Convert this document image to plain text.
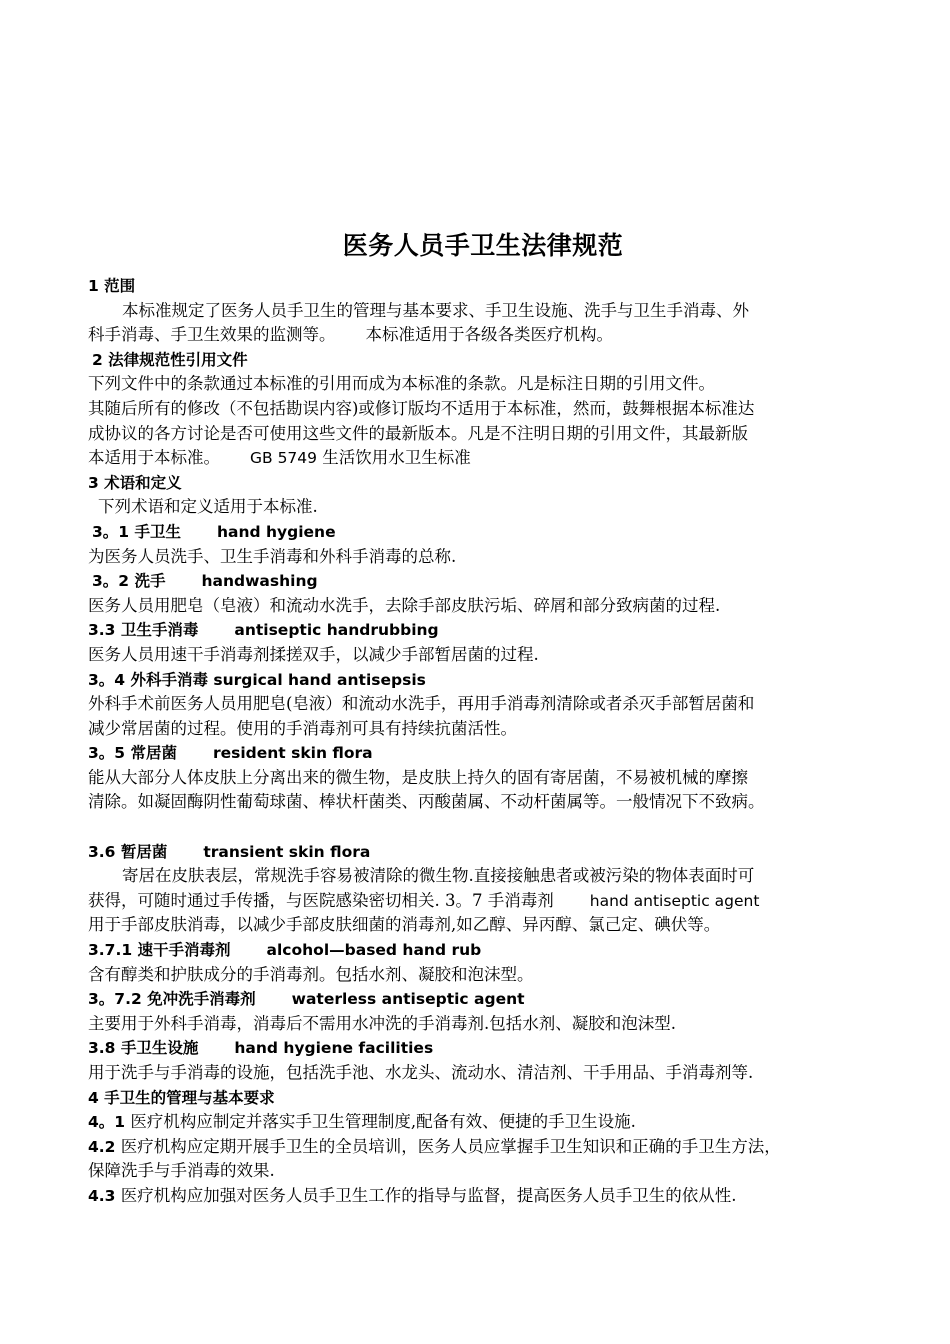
医务人员手卫生法律规范
1 范围
本标准规定了医务人员手卫生的管理与基本要求、手卫生设施、洗手与卫生手消毒、外
科手消毒、手卫生效果的监测等。 本标准适用于各级各类医疗机构。
2 法律规范性引用文件
下列文件中的条款通过本标准的引用而成为本标准的条款。凡是标注日期的引用文件。
其随后所有的修改（不包括勘误内容)或修订版均不适用于本标准，然而，鼓舞根据本标准达
成协议的各方讨论是否可使用这些文件的最新版本。凡是不注明日期的引用文件，其最新版
本适用于本标准。 GB 5749 生活饮用水卫生标准
3 术语和定义
下列术语和定义适用于本标准.
3。1 手卫生 hand hygiene
为医务人员洗手、卫生手消毒和外科手消毒的总称.
3。2 洗手 handwashing
医务人员用肥皂（皂液）和流动水洗手，去除手部皮肤污垢、碎屑和部分致病菌的过程.
3.3 卫生手消毒 antiseptic handrubbing
医务人员用速干手消毒剂揉搓双手，以减少手部暂居菌的过程.
3。4 外科手消毒 surgical hand antisepsis
外科手术前医务人员用肥皂(皂液）和流动水洗手，再用手消毒剂清除或者杀灭手部暂居菌和
减少常居菌的过程。使用的手消毒剂可具有持续抗菌活性。
3。5 常居菌 resident skin flora
能从大部分人体皮肤上分离出来的微生物，是皮肤上持久的固有寄居菌，不易被机械的摩擦
清除。如凝固酶阴性葡萄球菌、棒状杆菌类、丙酸菌属、不动杆菌属等。一般情况下不致病。
3.6 暂居菌 transient skin flora
寄居在皮肤表层，常规洗手容易被清除的微生物.直接接触患者或被污染的物体表面时可
获得，可随时通过手传播，与医院感染密切相关. 3。7 手消毒剂 hand antiseptic agent
用于手部皮肤消毒，以减少手部皮肤细菌的消毒剂,如乙醇、异丙醇、氯己定、碘伏等。
3.7.1 速干手消毒剂 alcohol—based hand rub
含有醇类和护肤成分的手消毒剂。包括水剂、凝胶和泡沫型。
3。7.2 免冲洗手消毒剂 waterless antiseptic agent
主要用于外科手消毒，消毒后不需用水冲洗的手消毒剂.包括水剂、凝胶和泡沫型.
3.8 手卫生设施 hand hygiene facilities
用于洗手与手消毒的设施，包括洗手池、水龙头、流动水、清洁剂、干手用品、手消毒剂等.
4 手卫生的管理与基本要求
4。1 医疗机构应制定并落实手卫生管理制度,配备有效、便捷的手卫生设施.
4.2 医疗机构应定期开展手卫生的全员培训，医务人员应掌握手卫生知识和正确的手卫生方法，
保障洗手与手消毒的效果.
4.3 医疗机构应加强对医务人员手卫生工作的指导与监督，提高医务人员手卫生的依从性.
